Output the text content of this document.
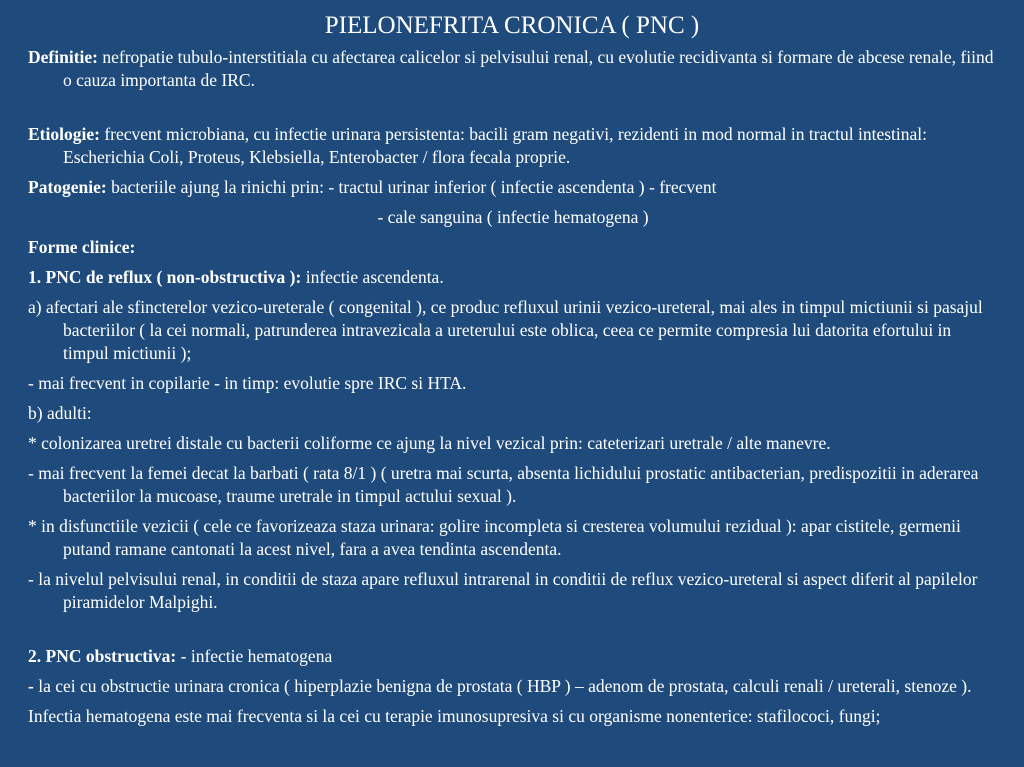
PIELONEFRITA CRONICA ( PNC )

Definitie: nefropatie tubulo-interstitiala cu afectarea calicelor si pelvisului renal, cu evolutie recidivanta si formare de abcese renale, fiind o cauza importanta de IRC.

Etiologie: frecvent microbiana, cu infectie urinara persistenta: bacili gram negativi, rezidenti in mod normal in tractul intestinal: Escherichia Coli, Proteus, Klebsiella, Enterobacter / flora fecala proprie.

Patogenie: bacteriile ajung la rinichi prin: - tractul urinar inferior ( infectie ascendenta ) - frecvent

- cale sanguina ( infectie hematogena )

Forme clinice:

1. PNC de reflux ( non-obstructiva ): infectie ascendenta.

a) afectari ale sfincterelor vezico-ureterale ( congenital ), ce produc refluxul urinii vezico-ureteral, mai ales in timpul mictiunii si pasajul bacteriilor ( la cei normali, patrunderea intravezicala a ureterului este oblica, ceea ce permite compresia lui datorita efortului in timpul mictiunii );

- mai frecvent in copilarie - in timp: evolutie spre IRC si HTA.

b) adulti:

* colonizarea uretrei distale cu bacterii coliforme ce ajung la nivel vezical prin: cateterizari uretrale / alte manevre.

- mai frecvent la femei decat la barbati ( rata 8/1 ) ( uretra mai scurta, absenta lichidului prostatic antibacterian, predispozitii in aderarea bacteriilor la mucoase, traume uretrale in timpul actului sexual ).

* in disfunctiile vezicii ( cele ce favorizeaza staza urinara: golire incompleta si cresterea volumului rezidual ): apar cistitele, germenii putand ramane cantonati la acest nivel, fara a avea tendinta ascendenta.

- la nivelul pelvisului renal, in conditii de staza apare refluxul intrarenal in conditii de reflux vezico-ureteral si aspect diferit al papilelor piramidelor Malpighi.

2. PNC obstructiva: - infectie hematogena

- la cei cu obstructie urinara cronica ( hiperplazie benigna de prostata ( HBP ) – adenom de prostata, calculi renali / ureterali, stenoze ).

Infectia hematogena este mai frecventa si la cei cu terapie imunosupresiva si cu organisme nonenterice: stafilococi, fungi;
